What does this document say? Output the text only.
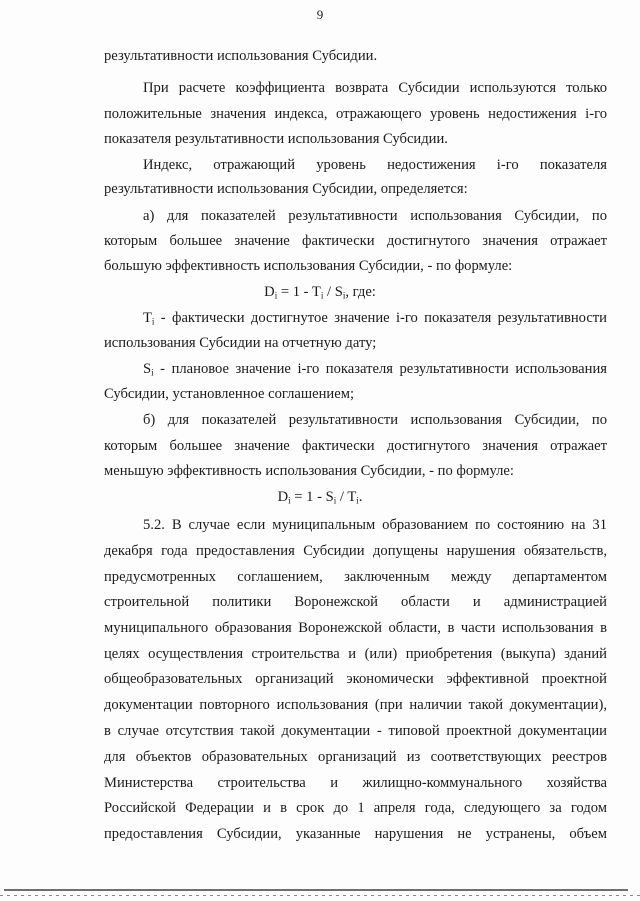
9
результативности использования Субсидии.
При расчете коэффициента возврата Субсидии используются только
положительные значения индекса, отражающего уровень недостижения i-го
показателя результативности использования Субсидии.
Индекс, отражающий уровень недостижения i-го показателя
результативности использования Субсидии, определяется:
а) для показателей результативности использования Субсидии, по
которым большее значение фактически достигнутого значения отражает
большую эффективность использования Субсидии, - по формуле:
$D_i = 1 - T_i / S_i$, где:
$T_i$ - фактически достигнутое значение i-го показателя результативности
использования Субсидии на отчетную дату;
$S_i$ - плановое значение i-го показателя результативности использования
Субсидии, установленное соглашением;
б) для показателей результативности использования Субсидии, по
которым большее значение фактически достигнутого значения отражает
меньшую эффективность использования Субсидии, - по формуле:
$D_i = 1 - S_i / T_i$.
5.2. В случае если муниципальным образованием по состоянию на 31
декабря года предоставления Субсидии допущены нарушения обязательств,
предусмотренных соглашением, заключенным между департаментом
строительной политики Воронежской области и администрацией
муниципального образования Воронежской области, в части использования в
целях осуществления строительства и (или) приобретения (выкупа) зданий
общеобразовательных организаций экономически эффективной проектной
документации повторного использования (при наличии такой документации),
в случае отсутствия такой документации - типовой проектной документации
для объектов образовательных организаций из соответствующих реестров
Министерства строительства и жилищно-коммунального хозяйства
Российской Федерации и в срок до 1 апреля года, следующего за годом
предоставления Субсидии, указанные нарушения не устранены, объем
